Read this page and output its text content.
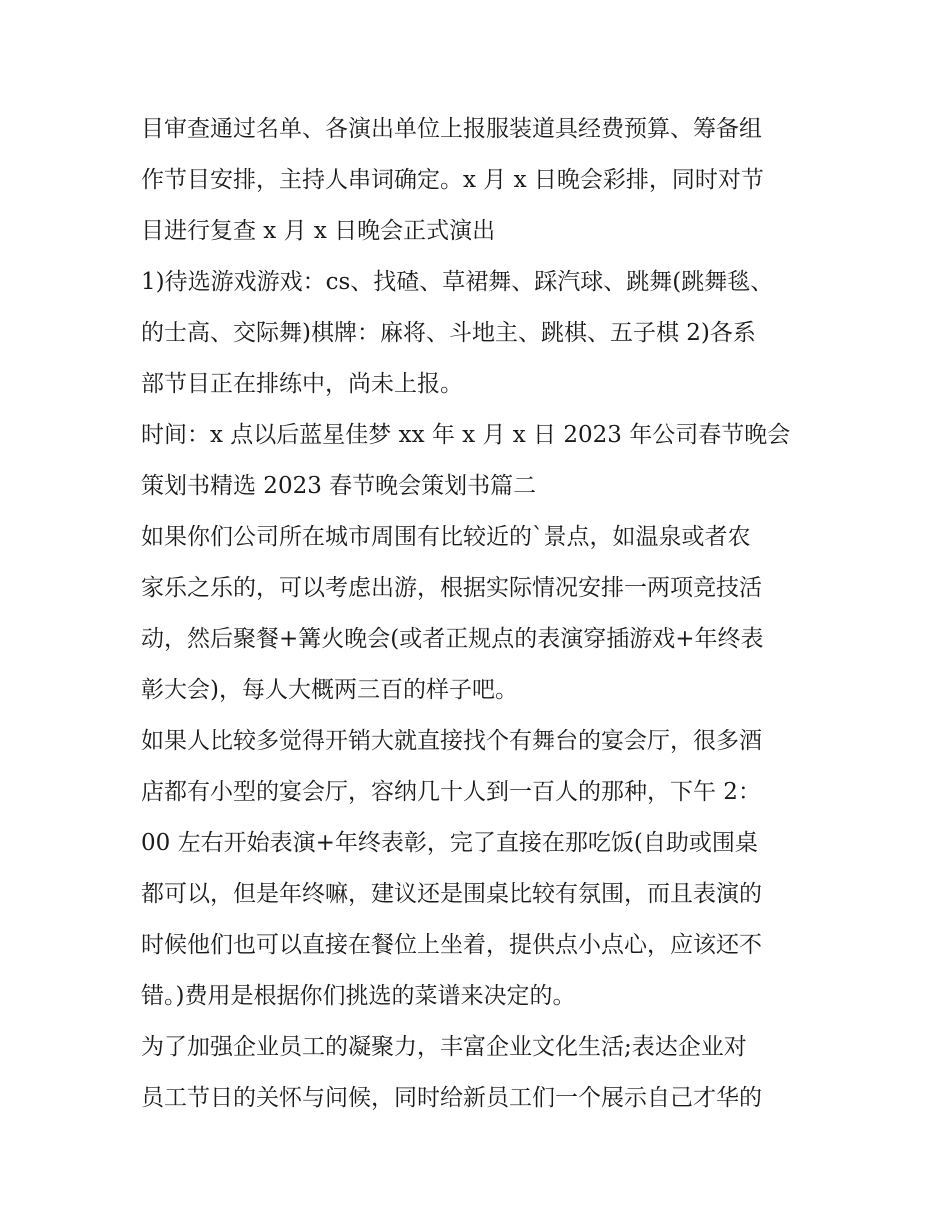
目审查通过名单、各演出单位上报服装道具经费预算、筹备组
作节目安排，主持人串词确定。x 月 x 日晚会彩排，同时对节
目进行复查 x 月 x 日晚会正式演出
1)待选游戏游戏：cs、找碴、草裙舞、踩汽球、跳舞(跳舞毯、
的士高、交际舞)棋牌：麻将、斗地主、跳棋、五子棋 2)各系
部节目正在排练中，尚未上报。
时间：x 点以后蓝星佳梦 xx 年 x 月 x 日 2023 年公司春节晚会
策划书精选 2023 春节晚会策划书篇二
如果你们公司所在城市周围有比较近的`景点，如温泉或者农
家乐之乐的，可以考虑出游，根据实际情况安排一两项竞技活
动，然后聚餐+篝火晚会(或者正规点的表演穿插游戏+年终表
彰大会)，每人大概两三百的样子吧。
如果人比较多觉得开销大就直接找个有舞台的宴会厅，很多酒
店都有小型的宴会厅，容纳几十人到一百人的那种，下午 2：
00 左右开始表演+年终表彰，完了直接在那吃饭(自助或围桌
都可以，但是年终嘛，建议还是围桌比较有氛围，而且表演的
时候他们也可以直接在餐位上坐着，提供点小点心，应该还不
错。)费用是根据你们挑选的菜谱来决定的。
为了加强企业员工的凝聚力，丰富企业文化生活;表达企业对
员工节日的关怀与问候，同时给新员工们一个展示自己才华的
